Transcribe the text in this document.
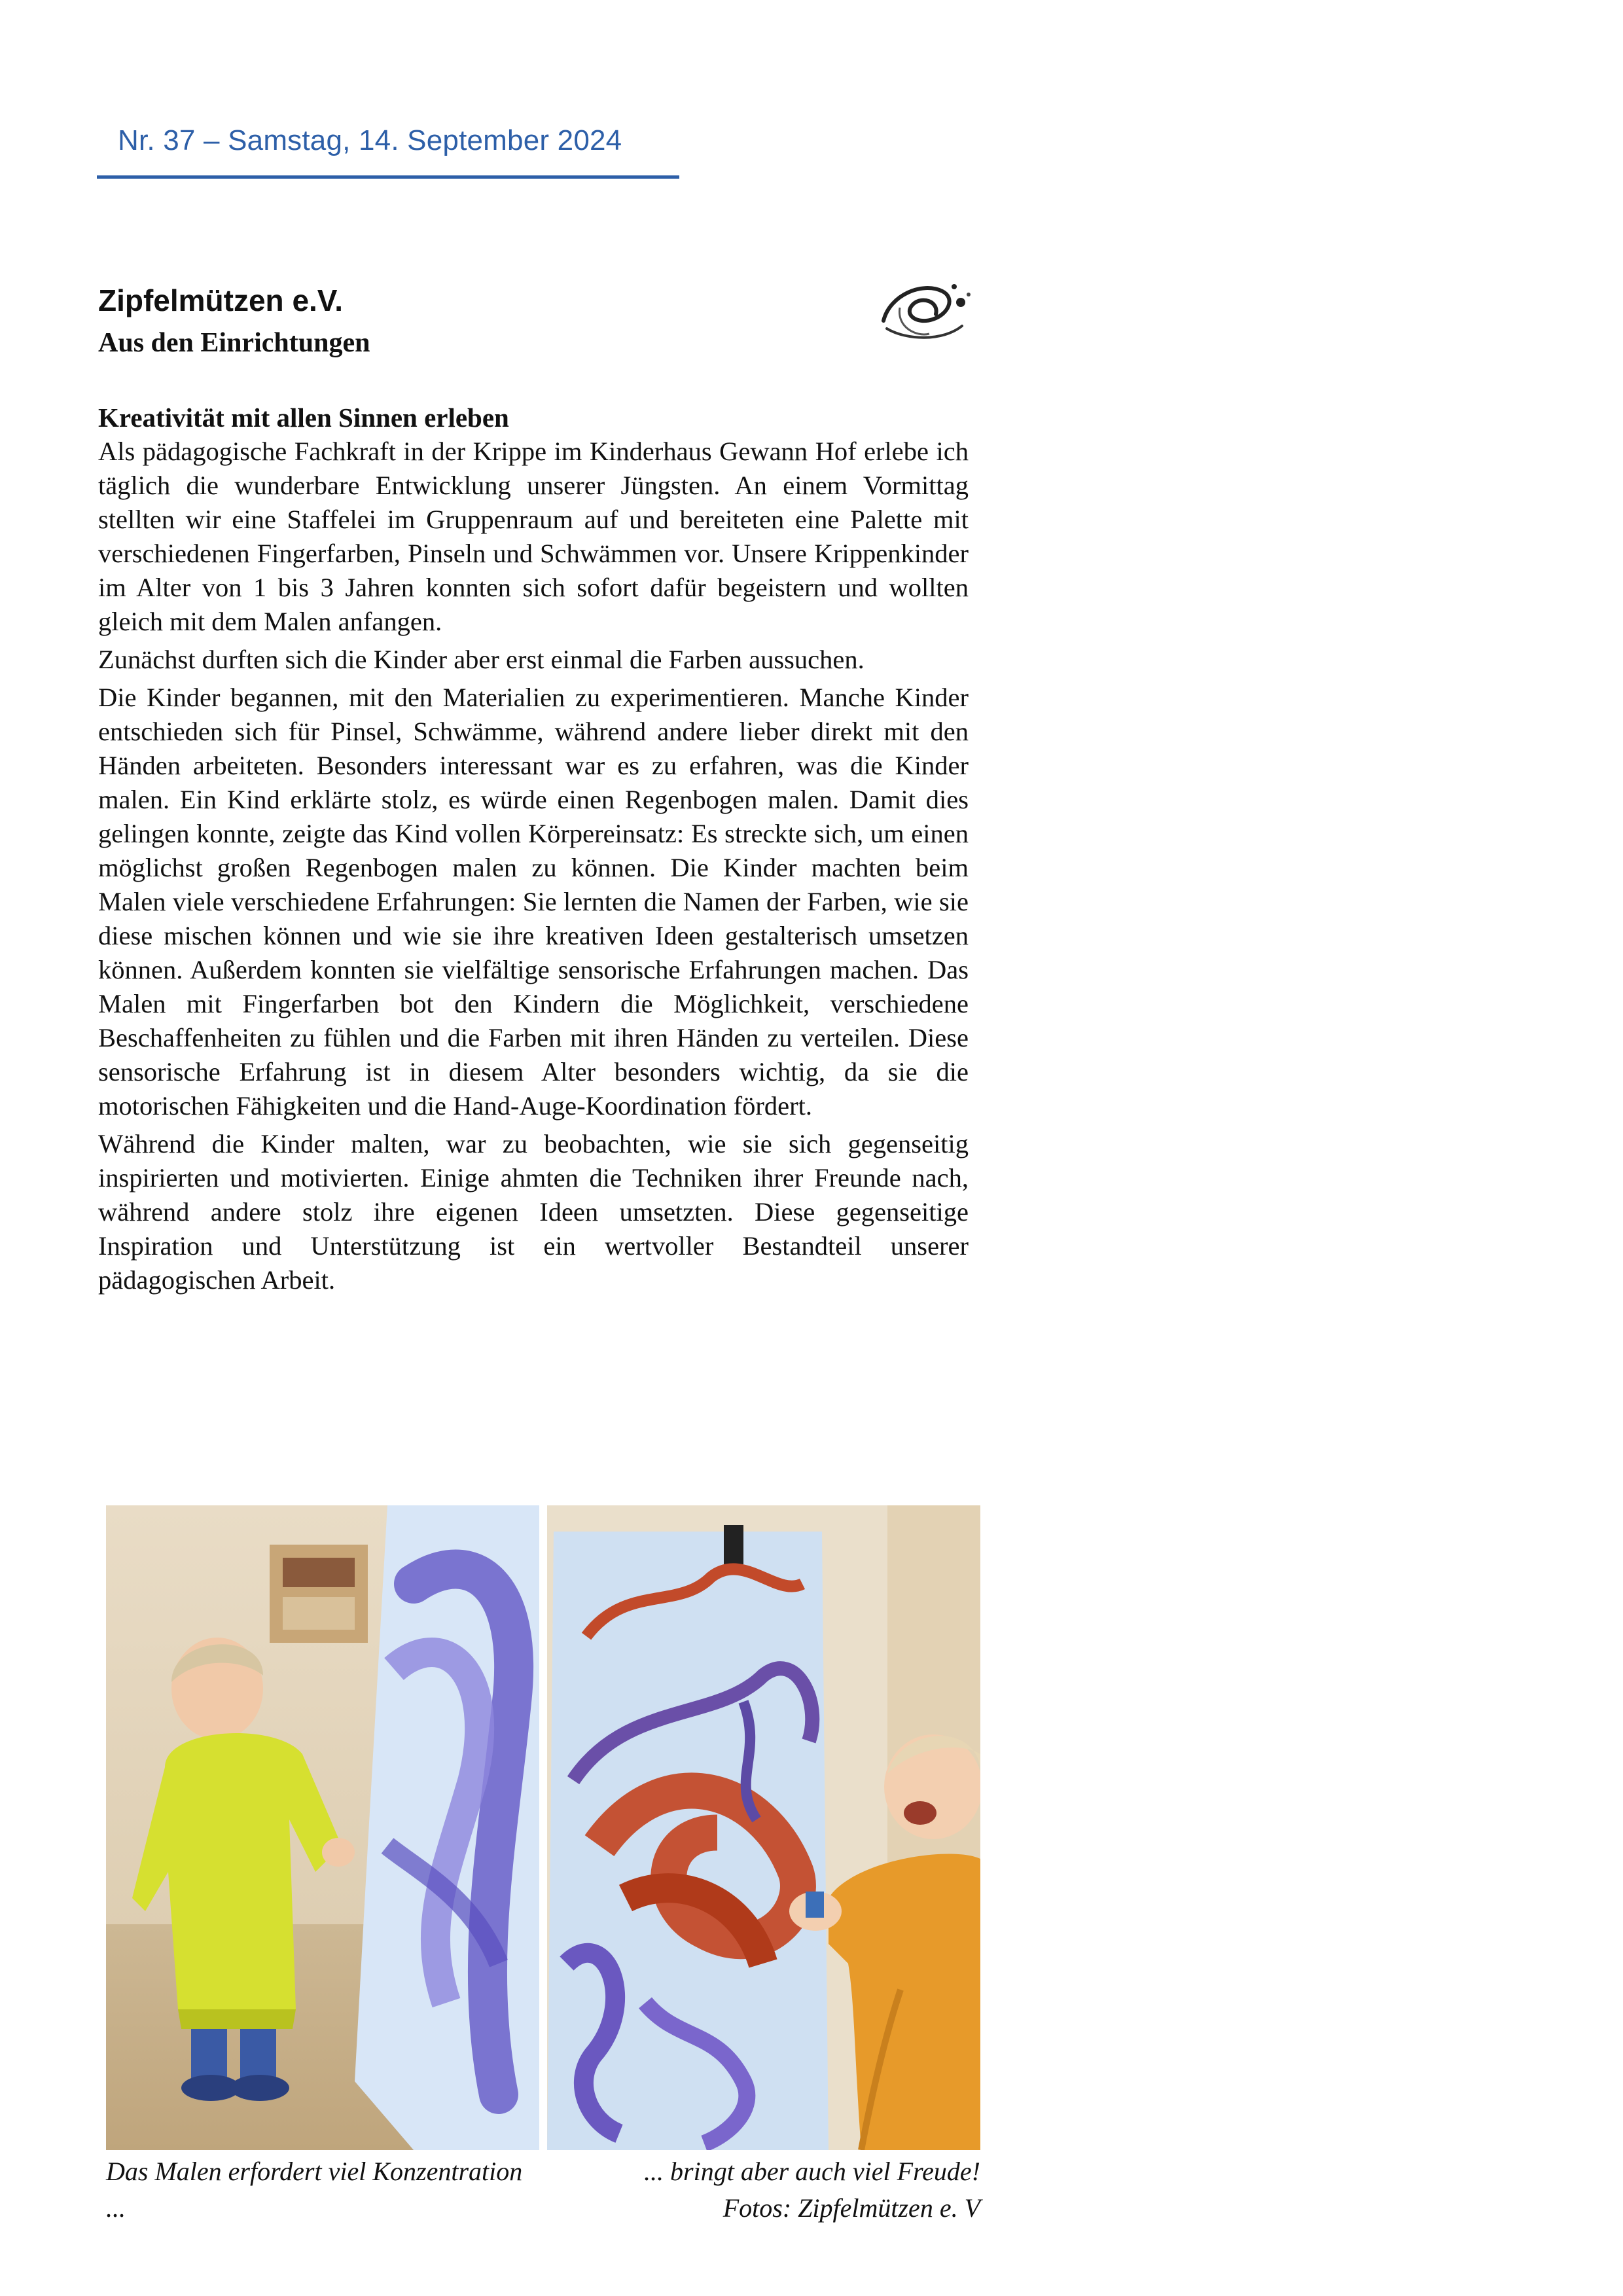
Nr. 37 – Samstag, 14. September 2024
Zipfelmützen e.V.
Aus den Einrichtungen
Kreativität mit allen Sinnen erleben

Als pädagogische Fachkraft in der Krippe im Kinderhaus Gewann Hof erlebe ich täglich die wunderbare Entwicklung unserer Jüngsten. An einem Vormittag stellten wir eine Staffelei im Gruppenraum auf und bereiteten eine Palette mit verschiedenen Fingerfarben, Pinseln und Schwämmen vor. Unsere Krippenkinder im Alter von 1 bis 3 Jahren konnten sich sofort dafür begeistern und wollten gleich mit dem Malen anfangen.

Zunächst durften sich die Kinder aber erst einmal die Farben aussuchen.

Die Kinder begannen, mit den Materialien zu experimentieren. Manche Kinder entschieden sich für Pinsel, Schwämme, während andere lieber direkt mit den Händen arbeiteten. Besonders interessant war es zu erfahren, was die Kinder malen. Ein Kind erklärte stolz, es würde einen Regenbogen malen. Damit dies gelingen konnte, zeigte das Kind vollen Körpereinsatz: Es streckte sich, um einen möglichst großen Regenbogen malen zu können. Die Kinder machten beim Malen viele verschiedene Erfahrungen: Sie lernten die Namen der Farben, wie sie diese mischen können und wie sie ihre kreativen Ideen gestalterisch umsetzen können. Außerdem konnten sie vielfältige sensorische Erfahrungen machen. Das Malen mit Fingerfarben bot den Kindern die Möglichkeit, verschiedene Beschaffenheiten zu fühlen und die Farben mit ihren Händen zu verteilen. Diese sensorische Erfahrung ist in diesem Alter besonders wichtig, da sie die motorischen Fähigkeiten und die Hand-Auge-Koordination fördert.

Während die Kinder malten, war zu beobachten, wie sie sich gegenseitig inspirierten und motivierten. Einige ahmten die Techniken ihrer Freunde nach, während andere stolz ihre eigenen Ideen umsetzten. Diese gegenseitige Inspiration und Unterstützung ist ein wertvoller Bestandteil unserer pädagogischen Arbeit.

Das Malen erfordert viel Konzentration ...
... bringt aber auch viel Freude!
Fotos: Zipfelmützen e. V
